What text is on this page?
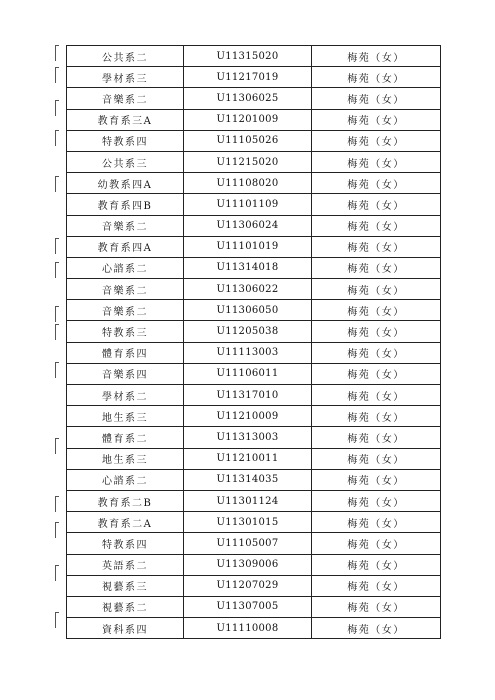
公共系二	U11315020	梅苑（女）
學材系三	U11217019	梅苑（女）
音樂系二	U11306025	梅苑（女）
教育系三A	U11201009	梅苑（女）
特教系四	U11105026	梅苑（女）
公共系三	U11215020	梅苑（女）
幼教系四A	U11108020	梅苑（女）
教育系四B	U11101109	梅苑（女）
音樂系二	U11306024	梅苑（女）
教育系四A	U11101019	梅苑（女）
心諮系二	U11314018	梅苑（女）
音樂系二	U11306022	梅苑（女）
音樂系二	U11306050	梅苑（女）
特教系三	U11205038	梅苑（女）
體育系四	U11113003	梅苑（女）
音樂系四	U11106011	梅苑（女）
學材系二	U11317010	梅苑（女）
地生系三	U11210009	梅苑（女）
體育系二	U11313003	梅苑（女）
地生系三	U11210011	梅苑（女）
心諮系二	U11314035	梅苑（女）
教育系二B	U11301124	梅苑（女）
教育系二A	U11301015	梅苑（女）
特教系四	U11105007	梅苑（女）
英語系二	U11309006	梅苑（女）
視藝系三	U11207029	梅苑（女）
視藝系二	U11307005	梅苑（女）
資科系四	U11110008	梅苑（女）
